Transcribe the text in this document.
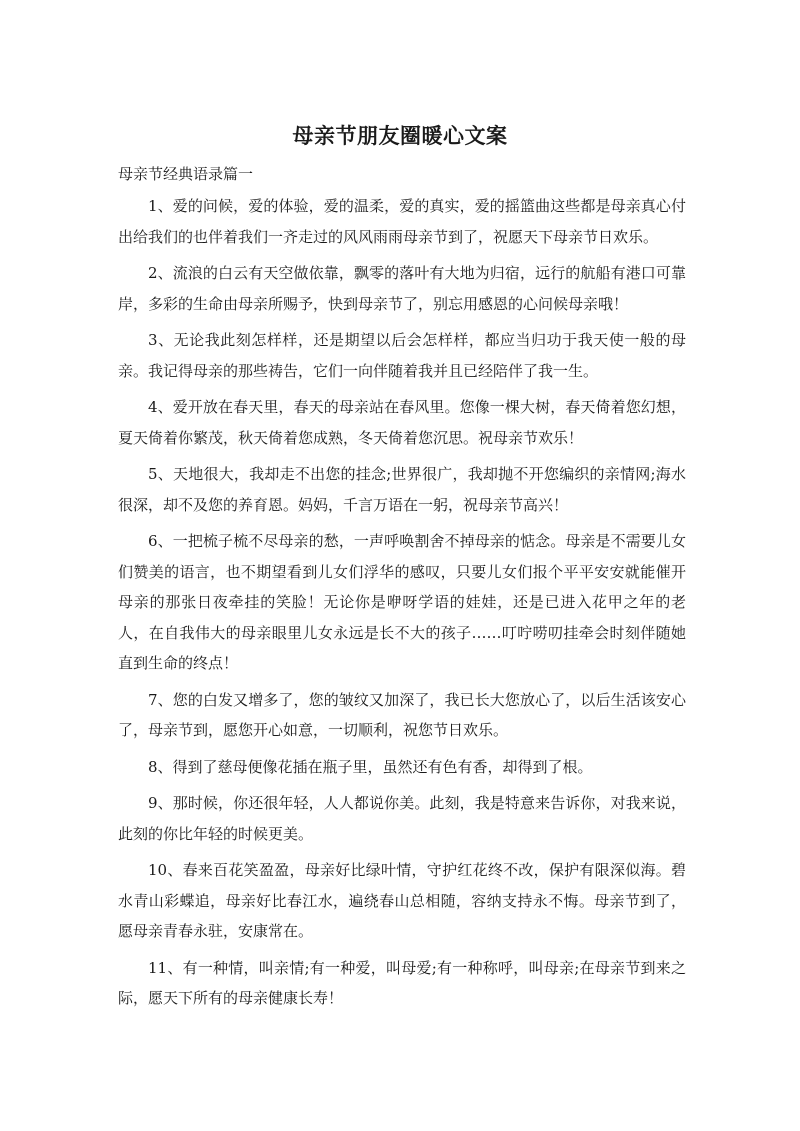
母亲节朋友圈暖心文案

母亲节经典语录篇一

1、爱的问候，爱的体验，爱的温柔，爱的真实，爱的摇篮曲这些都是母亲真心付出给我们的也伴着我们一齐走过的风风雨雨母亲节到了，祝愿天下母亲节日欢乐。

2、流浪的白云有天空做依靠，飘零的落叶有大地为归宿，远行的航船有港口可靠岸，多彩的生命由母亲所赐予，快到母亲节了，别忘用感恩的心问候母亲哦！

3、无论我此刻怎样样，还是期望以后会怎样样，都应当归功于我天使一般的母亲。我记得母亲的那些祷告，它们一向伴随着我并且已经陪伴了我一生。

4、爱开放在春天里，春天的母亲站在春风里。您像一棵大树，春天倚着您幻想，夏天倚着你繁茂，秋天倚着您成熟，冬天倚着您沉思。祝母亲节欢乐！

5、天地很大，我却走不出您的挂念;世界很广，我却抛不开您编织的亲情网;海水很深，却不及您的养育恩。妈妈，千言万语在一躬，祝母亲节高兴！

6、一把梳子梳不尽母亲的愁，一声呼唤割舍不掉母亲的惦念。母亲是不需要儿女们赞美的语言，也不期望看到儿女们浮华的感叹，只要儿女们报个平平安安就能催开母亲的那张日夜牵挂的笑脸！无论你是咿呀学语的娃娃，还是已进入花甲之年的老人，在自我伟大的母亲眼里儿女永远是长不大的孩子……叮咛唠叨挂牵会时刻伴随她直到生命的终点！

7、您的白发又增多了，您的皱纹又加深了，我已长大您放心了，以后生活该安心了，母亲节到，愿您开心如意，一切顺利，祝您节日欢乐。

8、得到了慈母便像花插在瓶子里，虽然还有色有香，却得到了根。

9、那时候，你还很年轻，人人都说你美。此刻，我是特意来告诉你，对我来说，此刻的你比年轻的时候更美。

10、春来百花笑盈盈，母亲好比绿叶情，守护红花终不改，保护有限深似海。碧水青山彩蝶追，母亲好比春江水，遍绕春山总相随，容纳支持永不悔。母亲节到了，愿母亲青春永驻，安康常在。

11、有一种情，叫亲情;有一种爱，叫母爱;有一种称呼，叫母亲;在母亲节到来之际，愿天下所有的母亲健康长寿！
